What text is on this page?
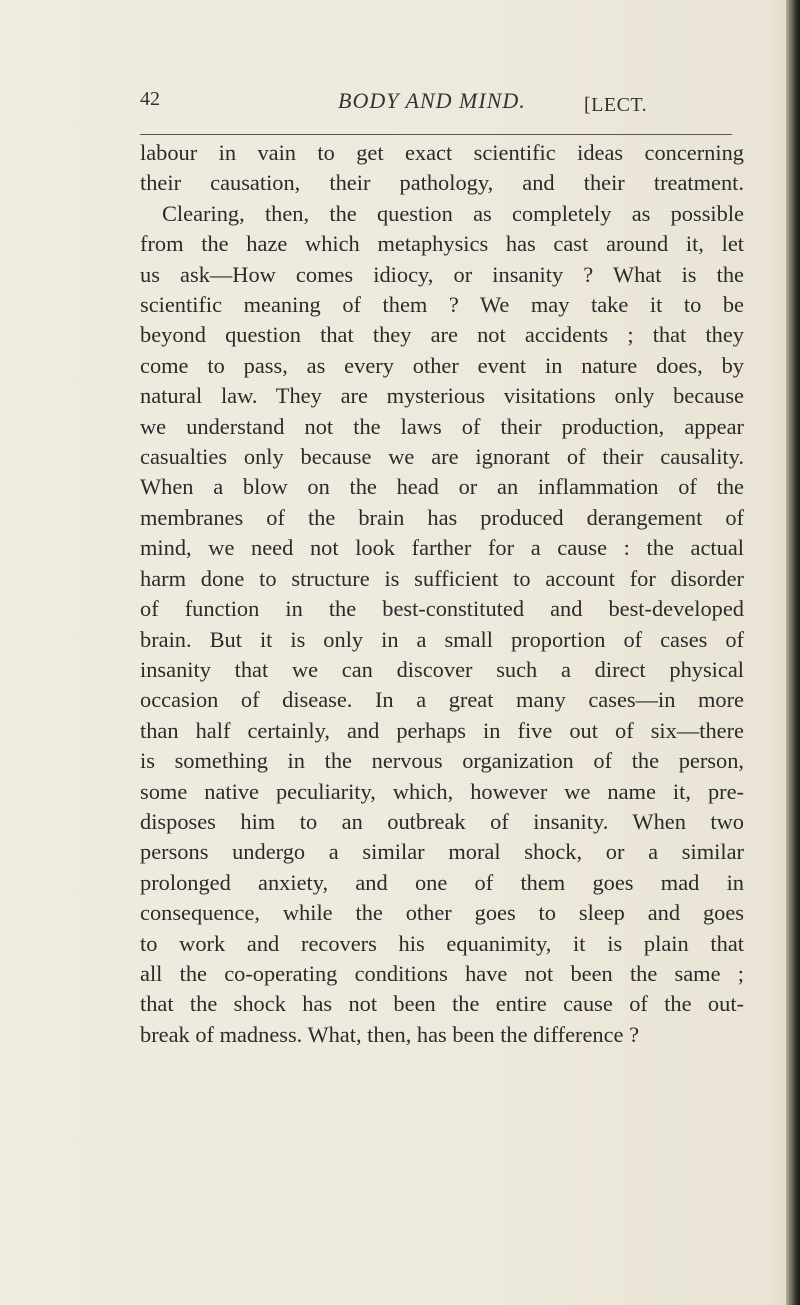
42	BODY AND MIND.	[LECT.
labour in vain to get exact scientific ideas concerning
their causation, their pathology, and their treatment.
Clearing, then, the question as completely as possible
from the haze which metaphysics has cast around it, let
us ask—How comes idiocy, or insanity ? What is the
scientific meaning of them ? We may take it to be
beyond question that they are not accidents ; that they
come to pass, as every other event in nature does, by
natural law. They are mysterious visitations only because
we understand not the laws of their production, appear
casualties only because we are ignorant of their causality.
When a blow on the head or an inflammation of the
membranes of the brain has produced derangement of
mind, we need not look farther for a cause : the actual
harm done to structure is sufficient to account for disorder
of function in the best-constituted and best-developed
brain. But it is only in a small proportion of cases of
insanity that we can discover such a direct physical
occasion of disease. In a great many cases—in more
than half certainly, and perhaps in five out of six—there
is something in the nervous organization of the person,
some native peculiarity, which, however we name it, pre-
disposes him to an outbreak of insanity. When two
persons undergo a similar moral shock, or a similar
prolonged anxiety, and one of them goes mad in
consequence, while the other goes to sleep and goes
to work and recovers his equanimity, it is plain that
all the co-operating conditions have not been the same ;
that the shock has not been the entire cause of the out-
break of madness. What, then, has been the difference ?
